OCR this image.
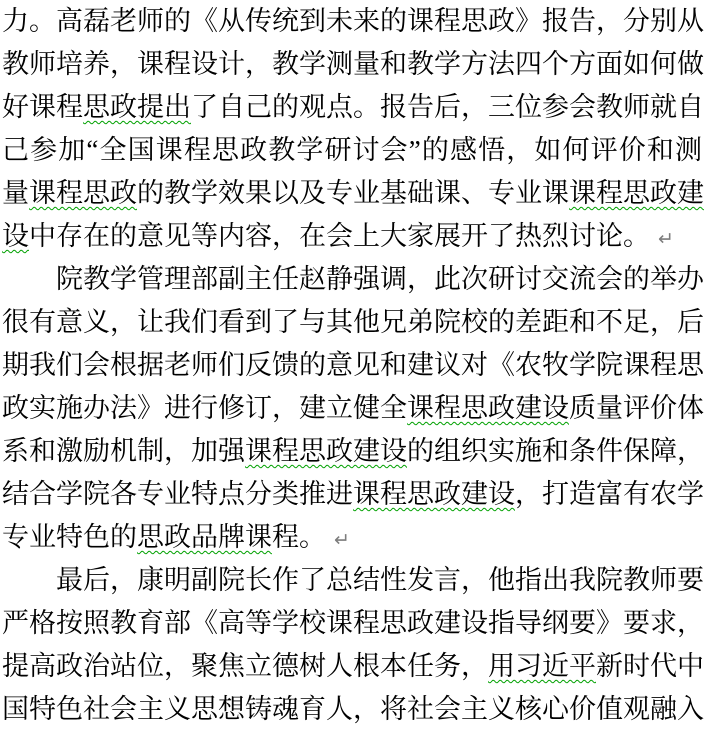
力。高磊老师的《从传统到未来的课程思政》报告，分别从
教师培养，课程设计，教学测量和教学方法四个方面如何做
好课程思政提出了自己的观点。报告后，三位参会教师就自
己参加“全国课程思政教学研讨会”的感悟，如何评价和测
量课程思政的教学效果以及专业基础课、专业课课程思政建
设中存在的意见等内容，在会上大家展开了热烈讨论。 ↵
院教学管理部副主任赵静强调，此次研讨交流会的举办
很有意义，让我们看到了与其他兄弟院校的差距和不足，后
期我们会根据老师们反馈的意见和建议对《农牧学院课程思
政实施办法》进行修订，建立健全课程思政建设质量评价体
系和激励机制，加强课程思政建设的组织实施和条件保障，
结合学院各专业特点分类推进课程思政建设，打造富有农学
专业特色的思政品牌课程。 ↵
最后，康明副院长作了总结性发言，他指出我院教师要
严格按照教育部《高等学校课程思政建设指导纲要》要求，
提高政治站位，聚焦立德树人根本任务，用习近平新时代中
国特色社会主义思想铸魂育人，将社会主义核心价值观融入
